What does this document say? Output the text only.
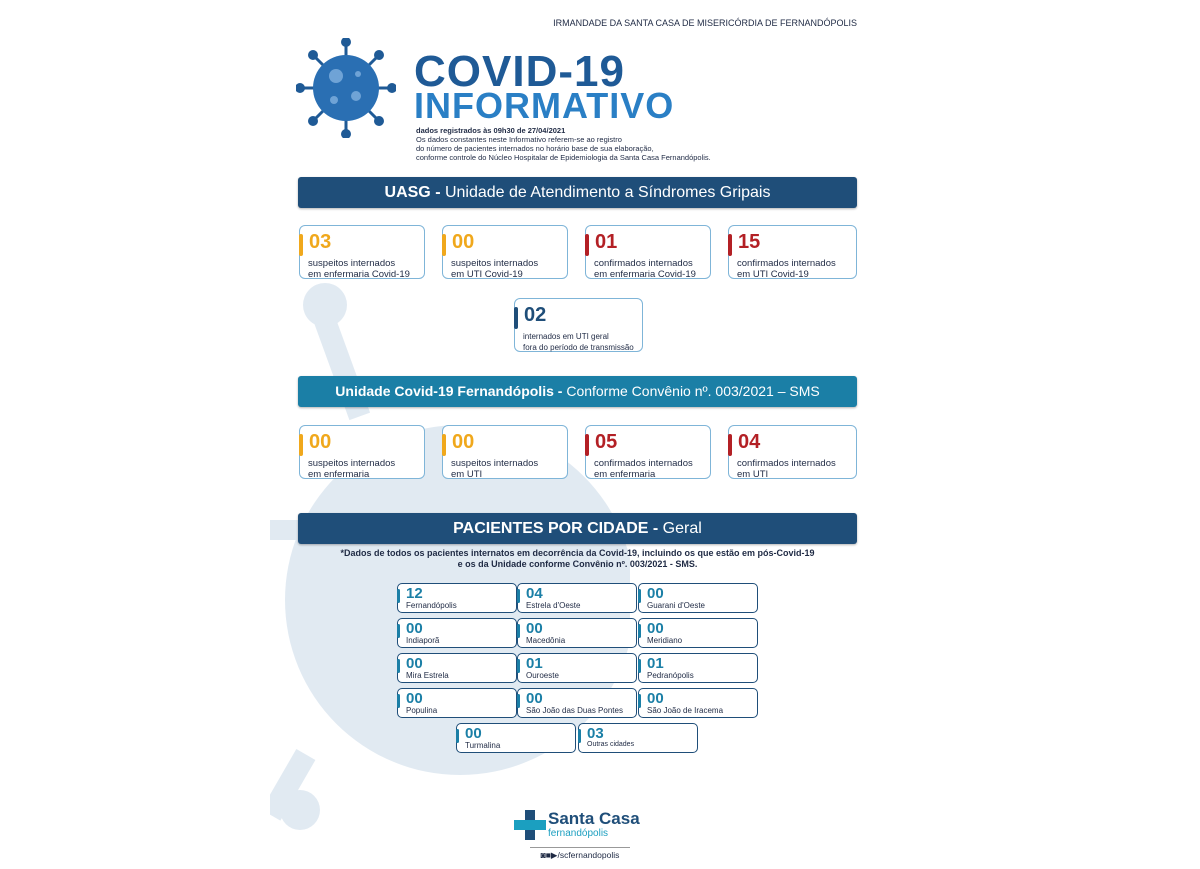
IRMANDADE DA SANTA CASA DE MISERICÓRDIA DE FERNANDÓPOLIS
COVID-19
INFORMATIVO
dados registrados às 09h30 de 27/04/2021
Os dados constantes neste Informativo referem-se ao registro
do número de pacientes internados no horário base de sua elaboração,
conforme controle do Núcleo Hospitalar de Epidemiologia da Santa Casa Fernandópolis.
UASG - Unidade de Atendimento a Síndromes Gripais
03
suspeitos internados
em enfermaria Covid-19
00
suspeitos internados
em UTI Covid-19
01
confirmados internados
em enfermaria Covid-19
15
confirmados internados
em UTI Covid-19
02
internados em UTI geral
fora do período de transmissão
Unidade Covid-19 Fernandópolis - Conforme Convênio nº. 003/2021 – SMS
00
suspeitos internados
em enfermaria
00
suspeitos internados
em UTI
05
confirmados internados
em enfermaria
04
confirmados internados
em UTI
PACIENTES POR CIDADE - Geral
*Dados de todos os pacientes internatos em decorrência da Covid-19, incluindo os que estão em pós-Covid-19
e os da Unidade conforme Convênio nº. 003/2021 - SMS.
12
Fernandópolis
04
Estrela d'Oeste
00
Guarani d'Oeste
00
Indiaporã
00
Macedônia
00
Meridiano
00
Mira Estrela
01
Ouroeste
01
Pedranópolis
00
Populina
00
São João das Duas Pontes
00
São João de Iracema
00
Turmalina
03
Outras cidades
Santa Casa
fernandópolis
◙■▶/scfernandopolis
